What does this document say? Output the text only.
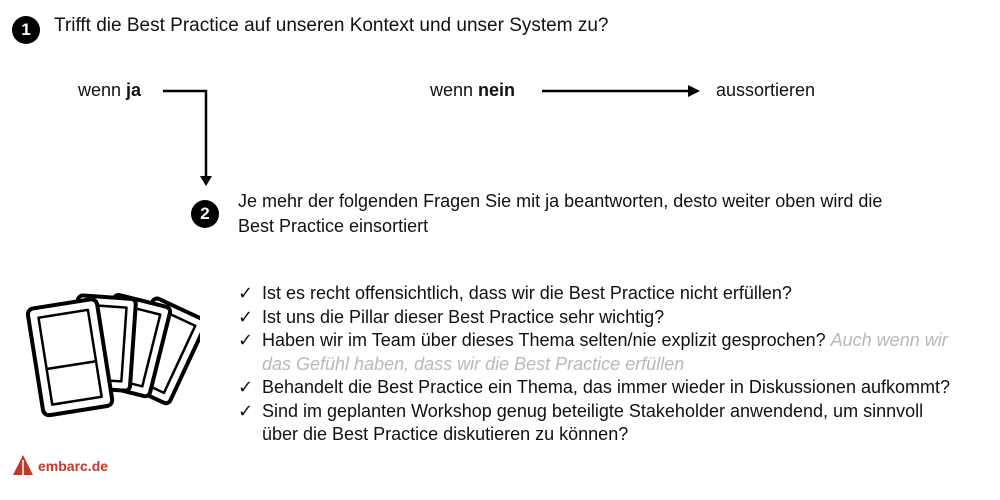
1	Trifft die Best Practice auf unseren Kontext und unser System zu?
wenn ja	wenn nein	aussortieren
2
Je mehr der folgenden Fragen Sie mit ja beantworten, desto weiter oben wird die
Best Practice einsortiert
✓ Ist es recht offensichtlich, dass wir die Best Practice nicht erfüllen?
✓ Ist uns die Pillar dieser Best Practice sehr wichtig?
✓ Haben wir im Team über dieses Thema selten/nie explizit gesprochen? Auch wenn wir das Gefühl haben, dass wir die Best Practice erfüllen
✓ Behandelt die Best Practice ein Thema, das immer wieder in Diskussionen aufkommt?
✓ Sind im geplanten Workshop genug beteiligte Stakeholder anwendend, um sinnvoll über die Best Practice diskutieren zu können?
embarc.de
